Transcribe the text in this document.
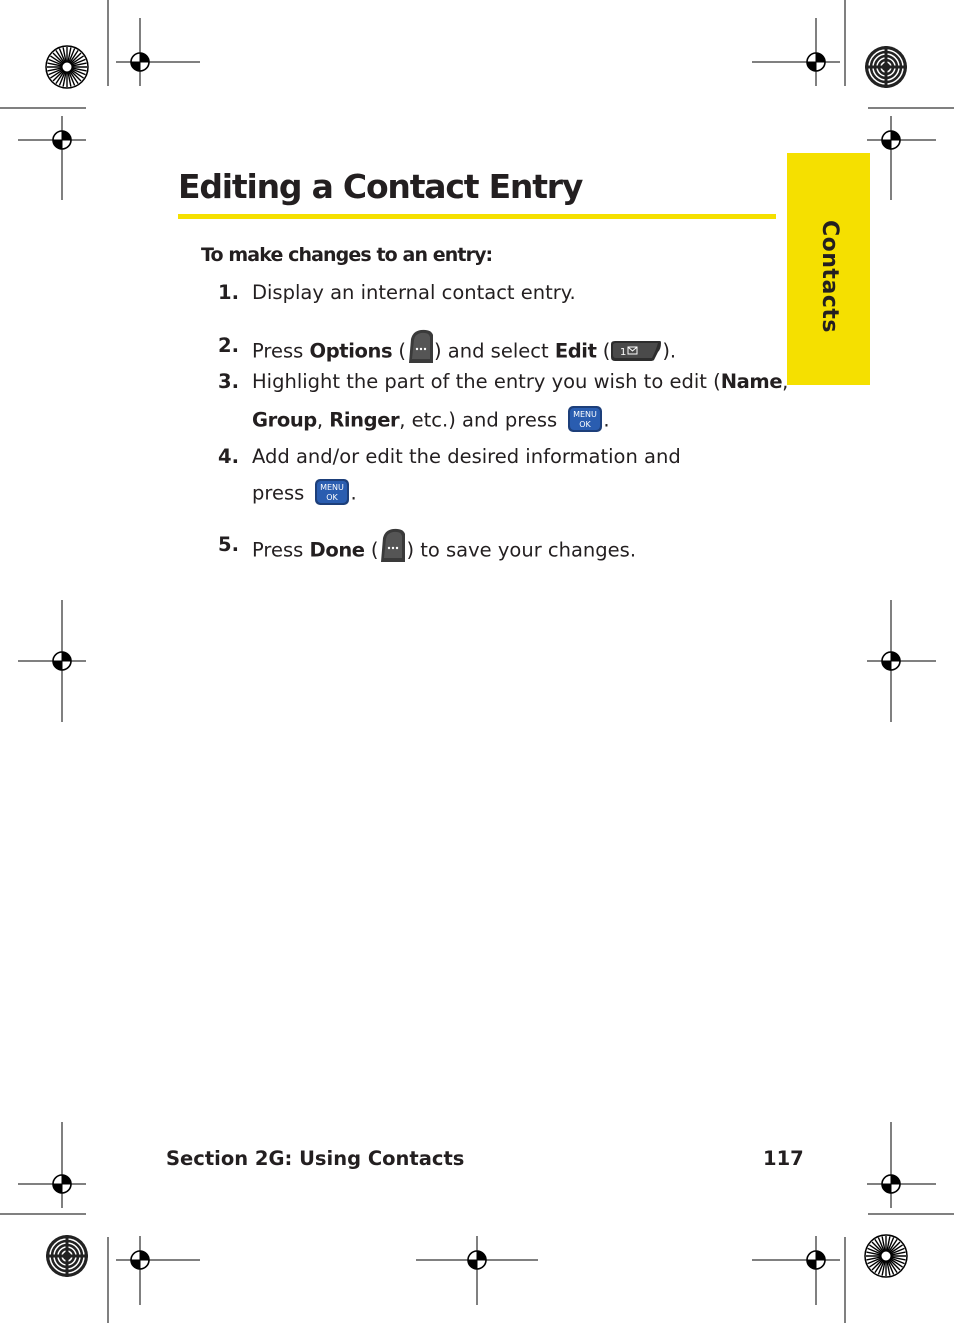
Contacts
Editing a Contact Entry
To make changes to an entry:
1. Display an internal contact entry.
2. Press Options ( ) and select Edit ( 1 ).
3. Highlight the part of the entry you wish to edit (Name,
Group, Ringer, etc.) and press MENU
OK .
4. Add and/or edit the desired information and
press MENU
OK .
5. Press Done ( ) to save your changes.
Section 2G: Using Contacts	117
